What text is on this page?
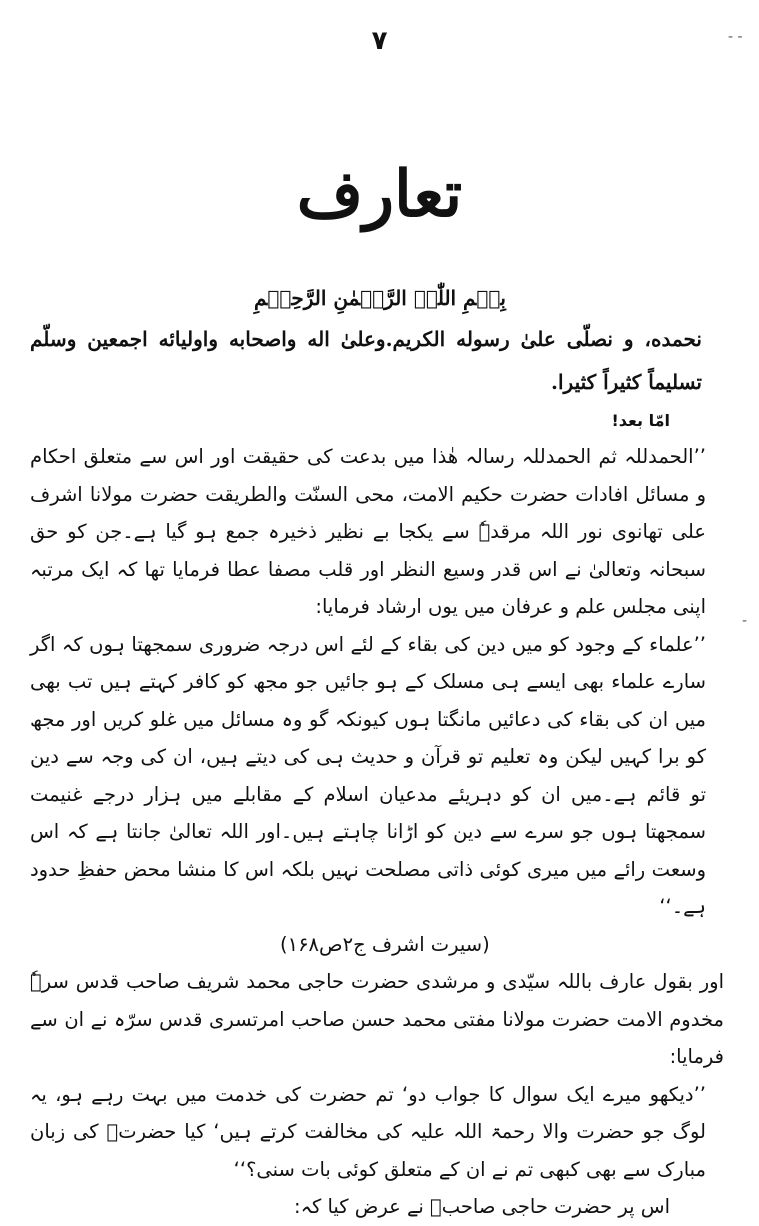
٧
تعارف

بِسۡمِ اللّٰہِ الرَّحۡمٰنِ الرَّحِیۡمِ

نحمده، و نصلّی علیٰ رسوله الکریم.وعلیٰ اله واصحابه واولیائه اجمعین وسلّم تسلیماً کثیراً کثیرا.

امّا بعد!

’’الحمدللہ ثم الحمدللہ رسالہ ھٰذا میں بدعت کی حقیقت اور اس سے متعلق احکام و مسائل افادات حضرت حکیم الامت، محی السنّت والطریقت حضرت مولانا اشرف علی تھانوی نور اللہ مرقدہٗ سے یکجا بے نظیر ذخیرہ جمع ہو گیا ہے۔جن کو حق سبحانہ وتعالیٰ نے اس قدر وسیع النظر اور قلب مصفا عطا فرمایا تھا کہ ایک مرتبہ اپنی مجلس علم و عرفان میں یوں ارشاد فرمایا:

’’علماء کے وجود کو میں دین کی بقاء کے لئے اس درجہ ضروری سمجھتا ہوں کہ اگر سارے علماء بھی ایسے ہی مسلک کے ہو جائیں جو مجھ کو کافر کہتے ہیں تب بھی میں ان کی بقاء کی دعائیں مانگتا ہوں کیونکہ گو وہ مسائل میں غلو کریں اور مجھ کو برا کہیں لیکن وہ تعلیم تو قرآن و حدیث ہی کی دیتے ہیں، ان کی وجہ سے دین تو قائم ہے۔میں ان کو دہریئے مدعیان اسلام کے مقابلے میں ہزار درجے غنیمت سمجھتا ہوں جو سرے سے دین کو اڑانا چاہتے ہیں۔اور اللہ تعالیٰ جانتا ہے کہ اس وسعت رائے میں میری کوئی ذاتی مصلحت نہیں بلکہ اس کا منشا محض حفظِ حدود ہے۔‘‘

(سیرت اشرف ج۲ص۱۶۸)

اور بقول عارف باللہ سیّدی و مرشدی حضرت حاجی محمد شریف صاحب قدس سرہٗ مخدوم الامت حضرت مولانا مفتی محمد حسن صاحب امرتسری قدس سرّہ نے ان سے فرمایا:

’’دیکھو میرے ایک سوال کا جواب دو‘ تم حضرت کی خدمت میں بہت رہے ہو، یہ لوگ جو حضرت والا رحمۃ اللہ علیہ کی مخالفت کرتے ہیں‘ کیا حضرتؒ کی زبان مبارک سے بھی کبھی تم نے ان کے متعلق کوئی بات سنی؟‘‘

اس پر حضرت حاجی صاحبؒ نے عرض کیا کہ:

- -
-
